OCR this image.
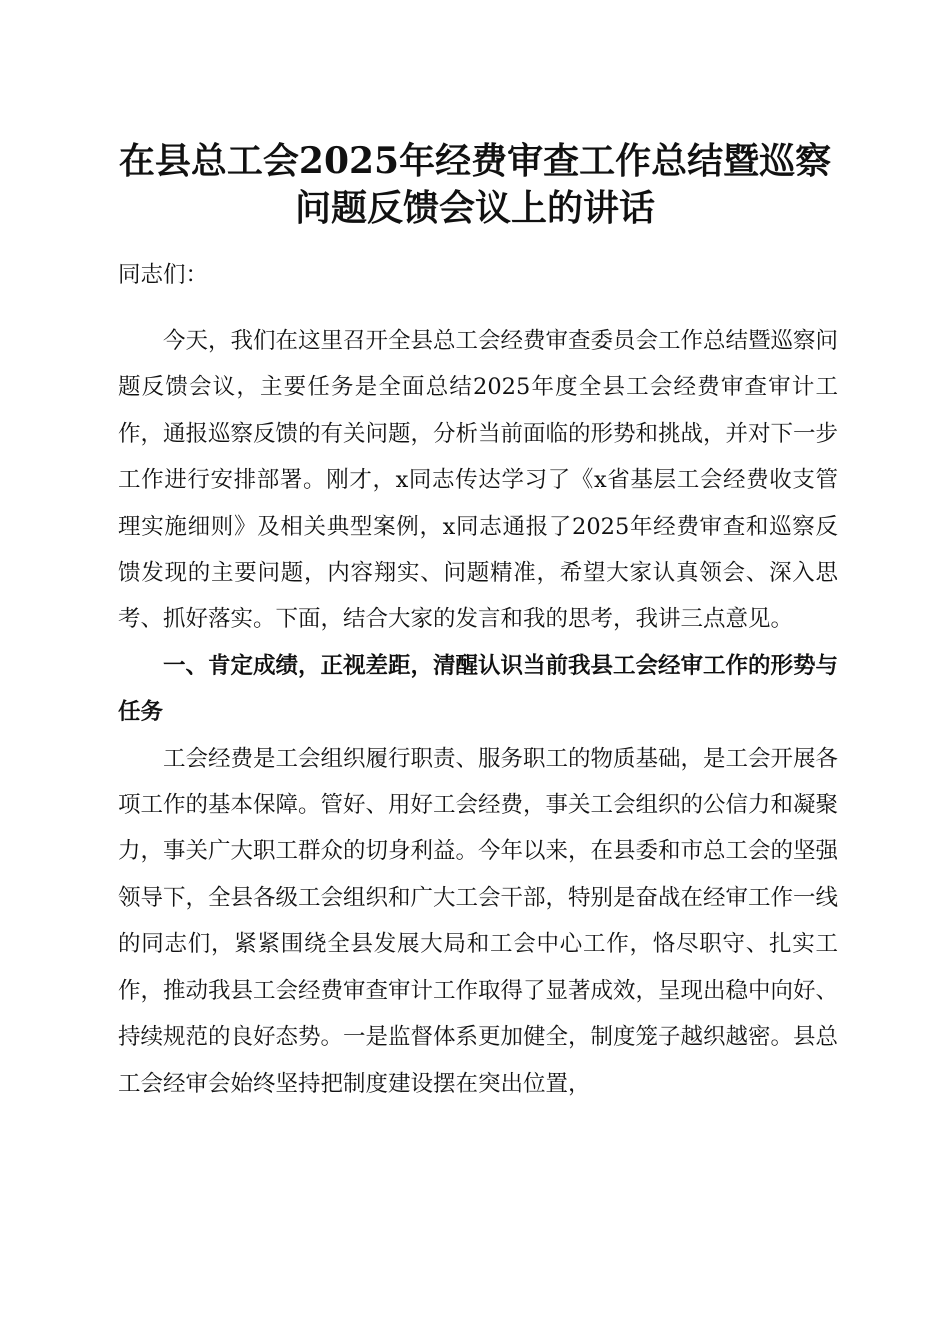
在县总工会2025年经费审查工作总结暨巡察
问题反馈会议上的讲话
同志们：

今天，我们在这里召开全县总工会经费审查委员会工作总结暨巡察问题反馈会议，主要任务是全面总结2025年度全县工会经费审查审计工作，通报巡察反馈的有关问题，分析当前面临的形势和挑战，并对下一步工作进行安排部署。刚才，x同志传达学习了《x省基层工会经费收支管理实施细则》及相关典型案例，x同志通报了2025年经费审查和巡察反馈发现的主要问题，内容翔实、问题精准，希望大家认真领会、深入思考、抓好落实。下面，结合大家的发言和我的思考，我讲三点意见。

一、肯定成绩，正视差距，清醒认识当前我县工会经审工作的形势与任务

工会经费是工会组织履行职责、服务职工的物质基础，是工会开展各项工作的基本保障。管好、用好工会经费，事关工会组织的公信力和凝聚力，事关广大职工群众的切身利益。今年以来，在县委和市总工会的坚强领导下，全县各级工会组织和广大工会干部，特别是奋战在经审工作一线的同志们，紧紧围绕全县发展大局和工会中心工作，恪尽职守、扎实工作，推动我县工会经费审查审计工作取得了显著成效，呈现出稳中向好、持续规范的良好态势。一是监督体系更加健全，制度笼子越织越密。县总工会经审会始终坚持把制度建设摆在突出位置，
